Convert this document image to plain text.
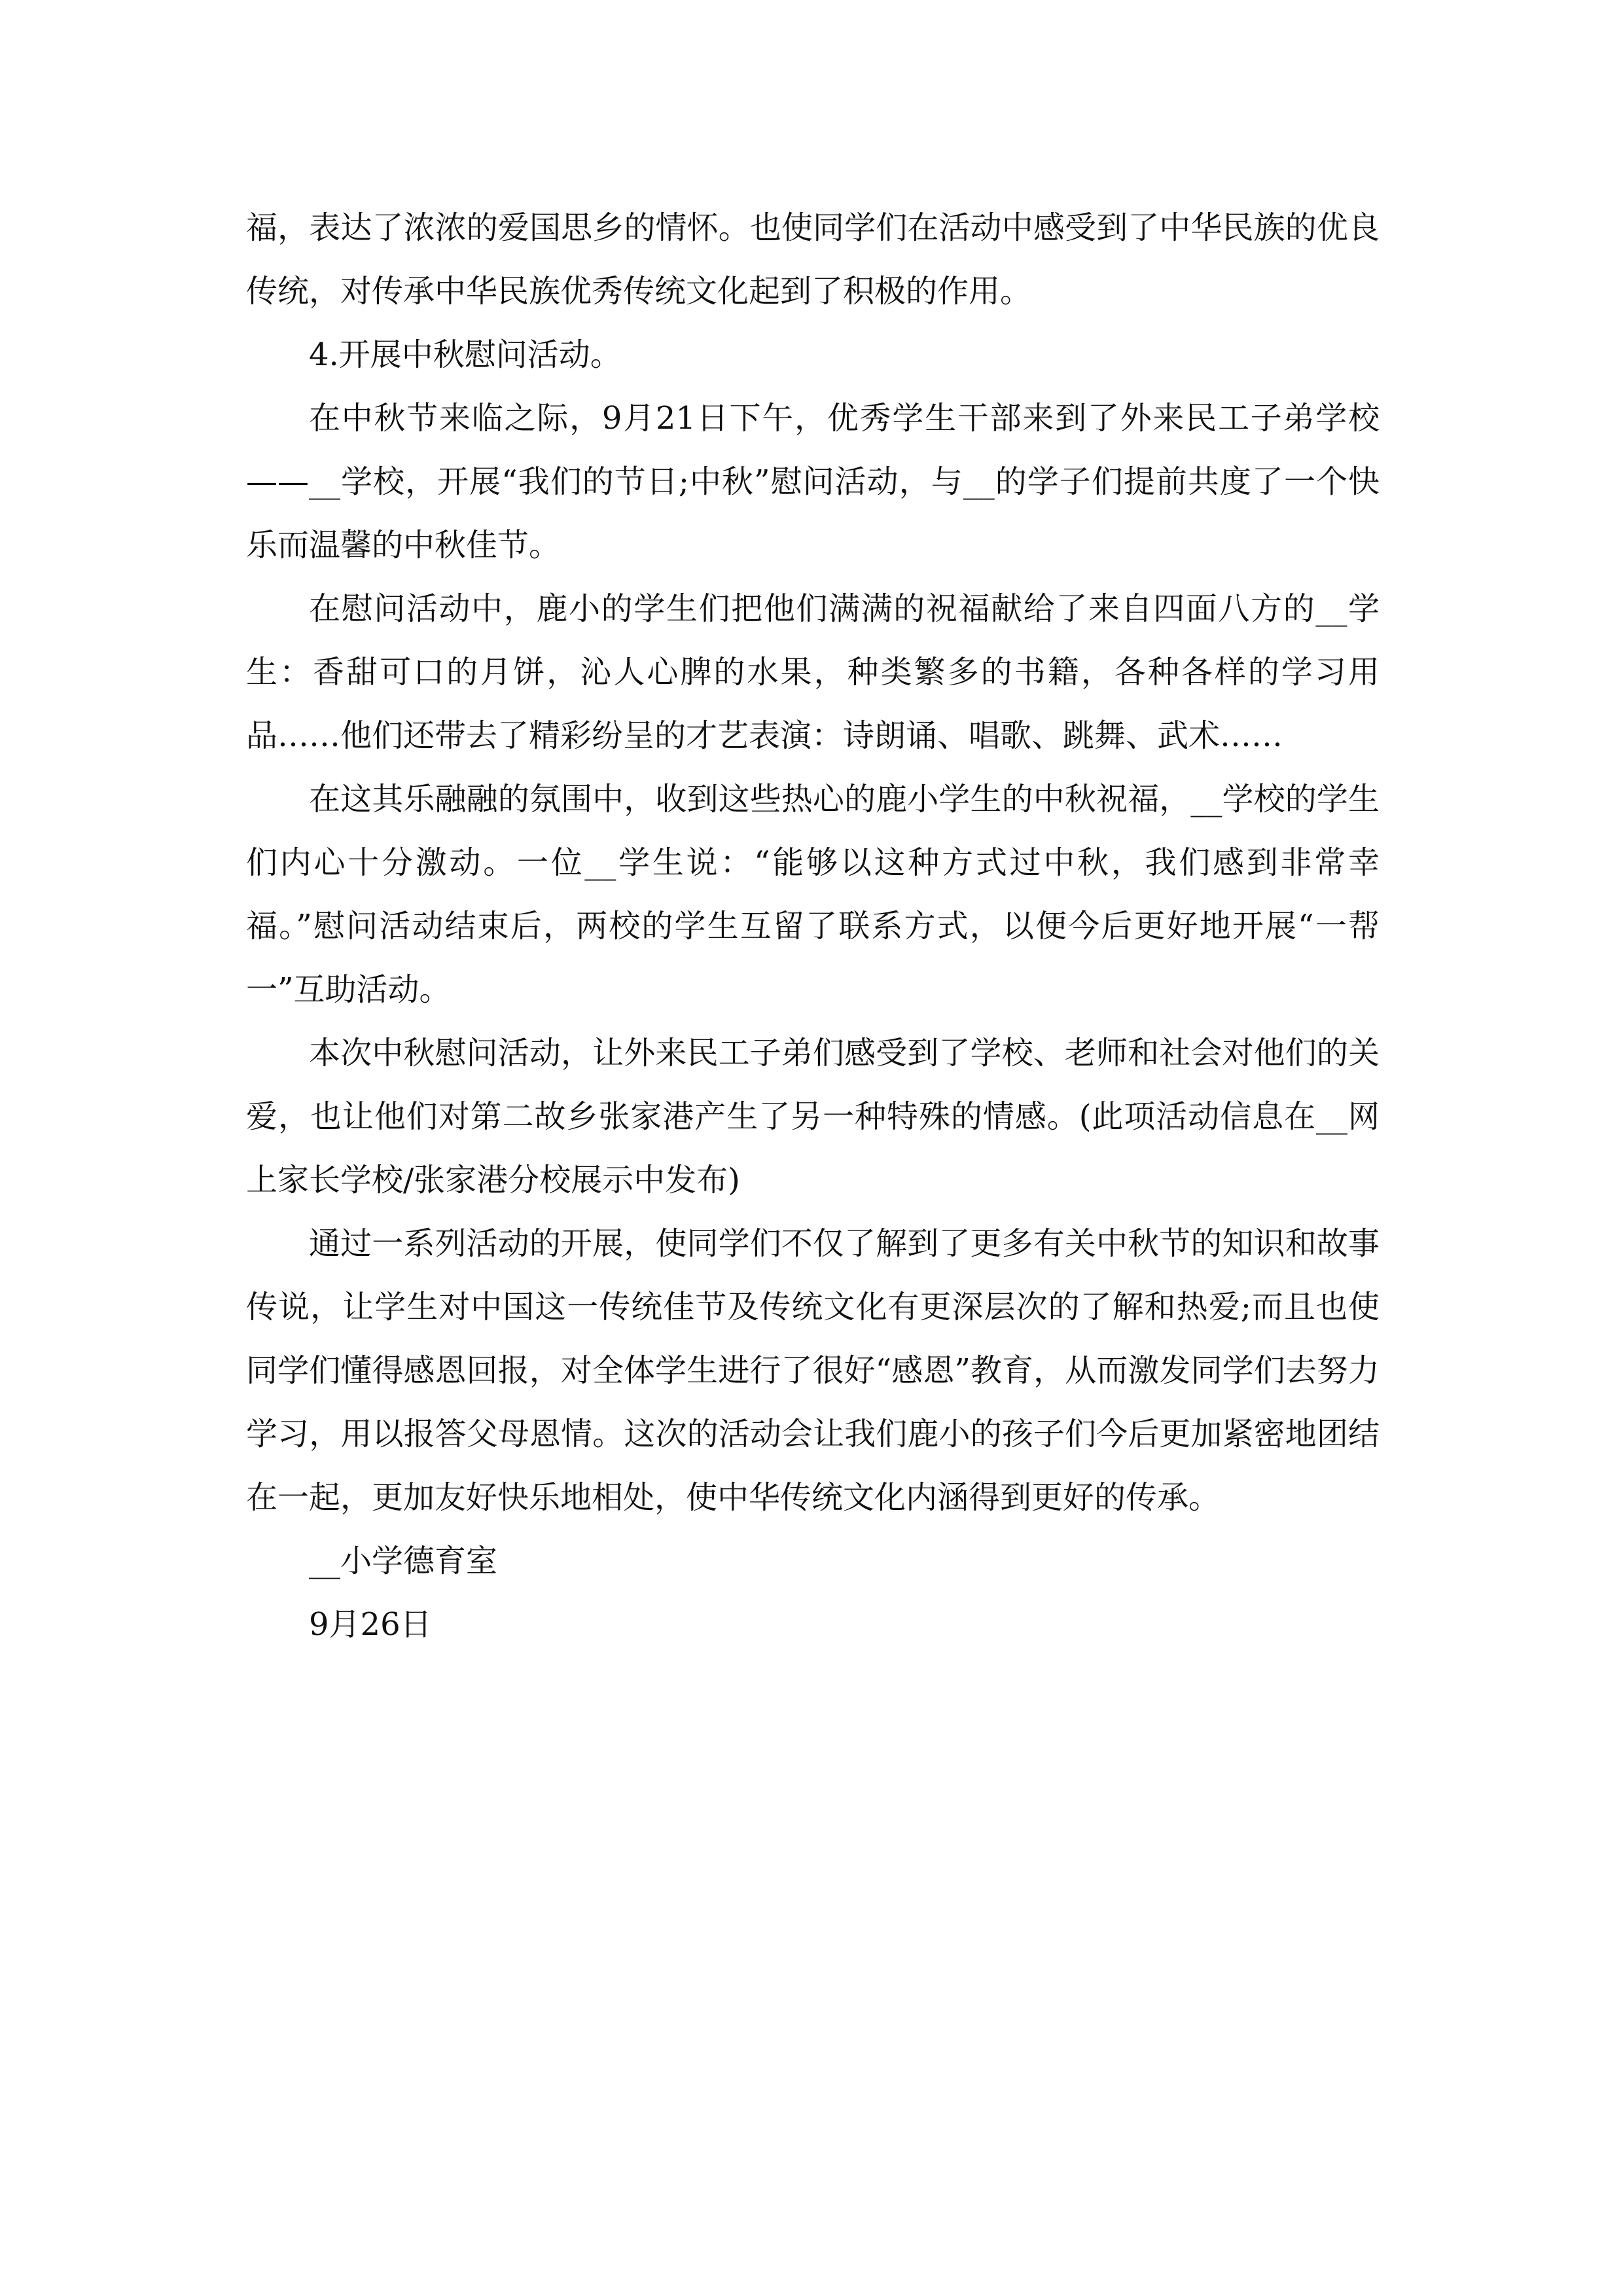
福，表达了浓浓的爱国思乡的情怀。也使同学们在活动中感受到了中华民族的优良传统，对传承中华民族优秀传统文化起到了积极的作用。

4.开展中秋慰问活动。

在中秋节来临之际，9月21日下午，优秀学生干部来到了外来民工子弟学校——__学校，开展“我们的节日;中秋”慰问活动，与__的学子们提前共度了一个快乐而温馨的中秋佳节。

在慰问活动中，鹿小的学生们把他们满满的祝福献给了来自四面八方的__学生：香甜可口的月饼，沁人心脾的水果，种类繁多的书籍，各种各样的学习用品……他们还带去了精彩纷呈的才艺表演：诗朗诵、唱歌、跳舞、武术……

在这其乐融融的氛围中，收到这些热心的鹿小学生的中秋祝福，__学校的学生们内心十分激动。一位__学生说：“能够以这种方式过中秋，我们感到非常幸福。”慰问活动结束后，两校的学生互留了联系方式，以便今后更好地开展“一帮一”互助活动。

本次中秋慰问活动，让外来民工子弟们感受到了学校、老师和社会对他们的关爱，也让他们对第二故乡张家港产生了另一种特殊的情感。(此项活动信息在__网上家长学校/张家港分校展示中发布)

通过一系列活动的开展，使同学们不仅了解到了更多有关中秋节的知识和故事传说，让学生对中国这一传统佳节及传统文化有更深层次的了解和热爱;而且也使同学们懂得感恩回报，对全体学生进行了很好“感恩”教育，从而激发同学们去努力学习，用以报答父母恩情。这次的活动会让我们鹿小的孩子们今后更加紧密地团结在一起，更加友好快乐地相处，使中华传统文化内涵得到更好的传承。

__小学德育室

9月26日
